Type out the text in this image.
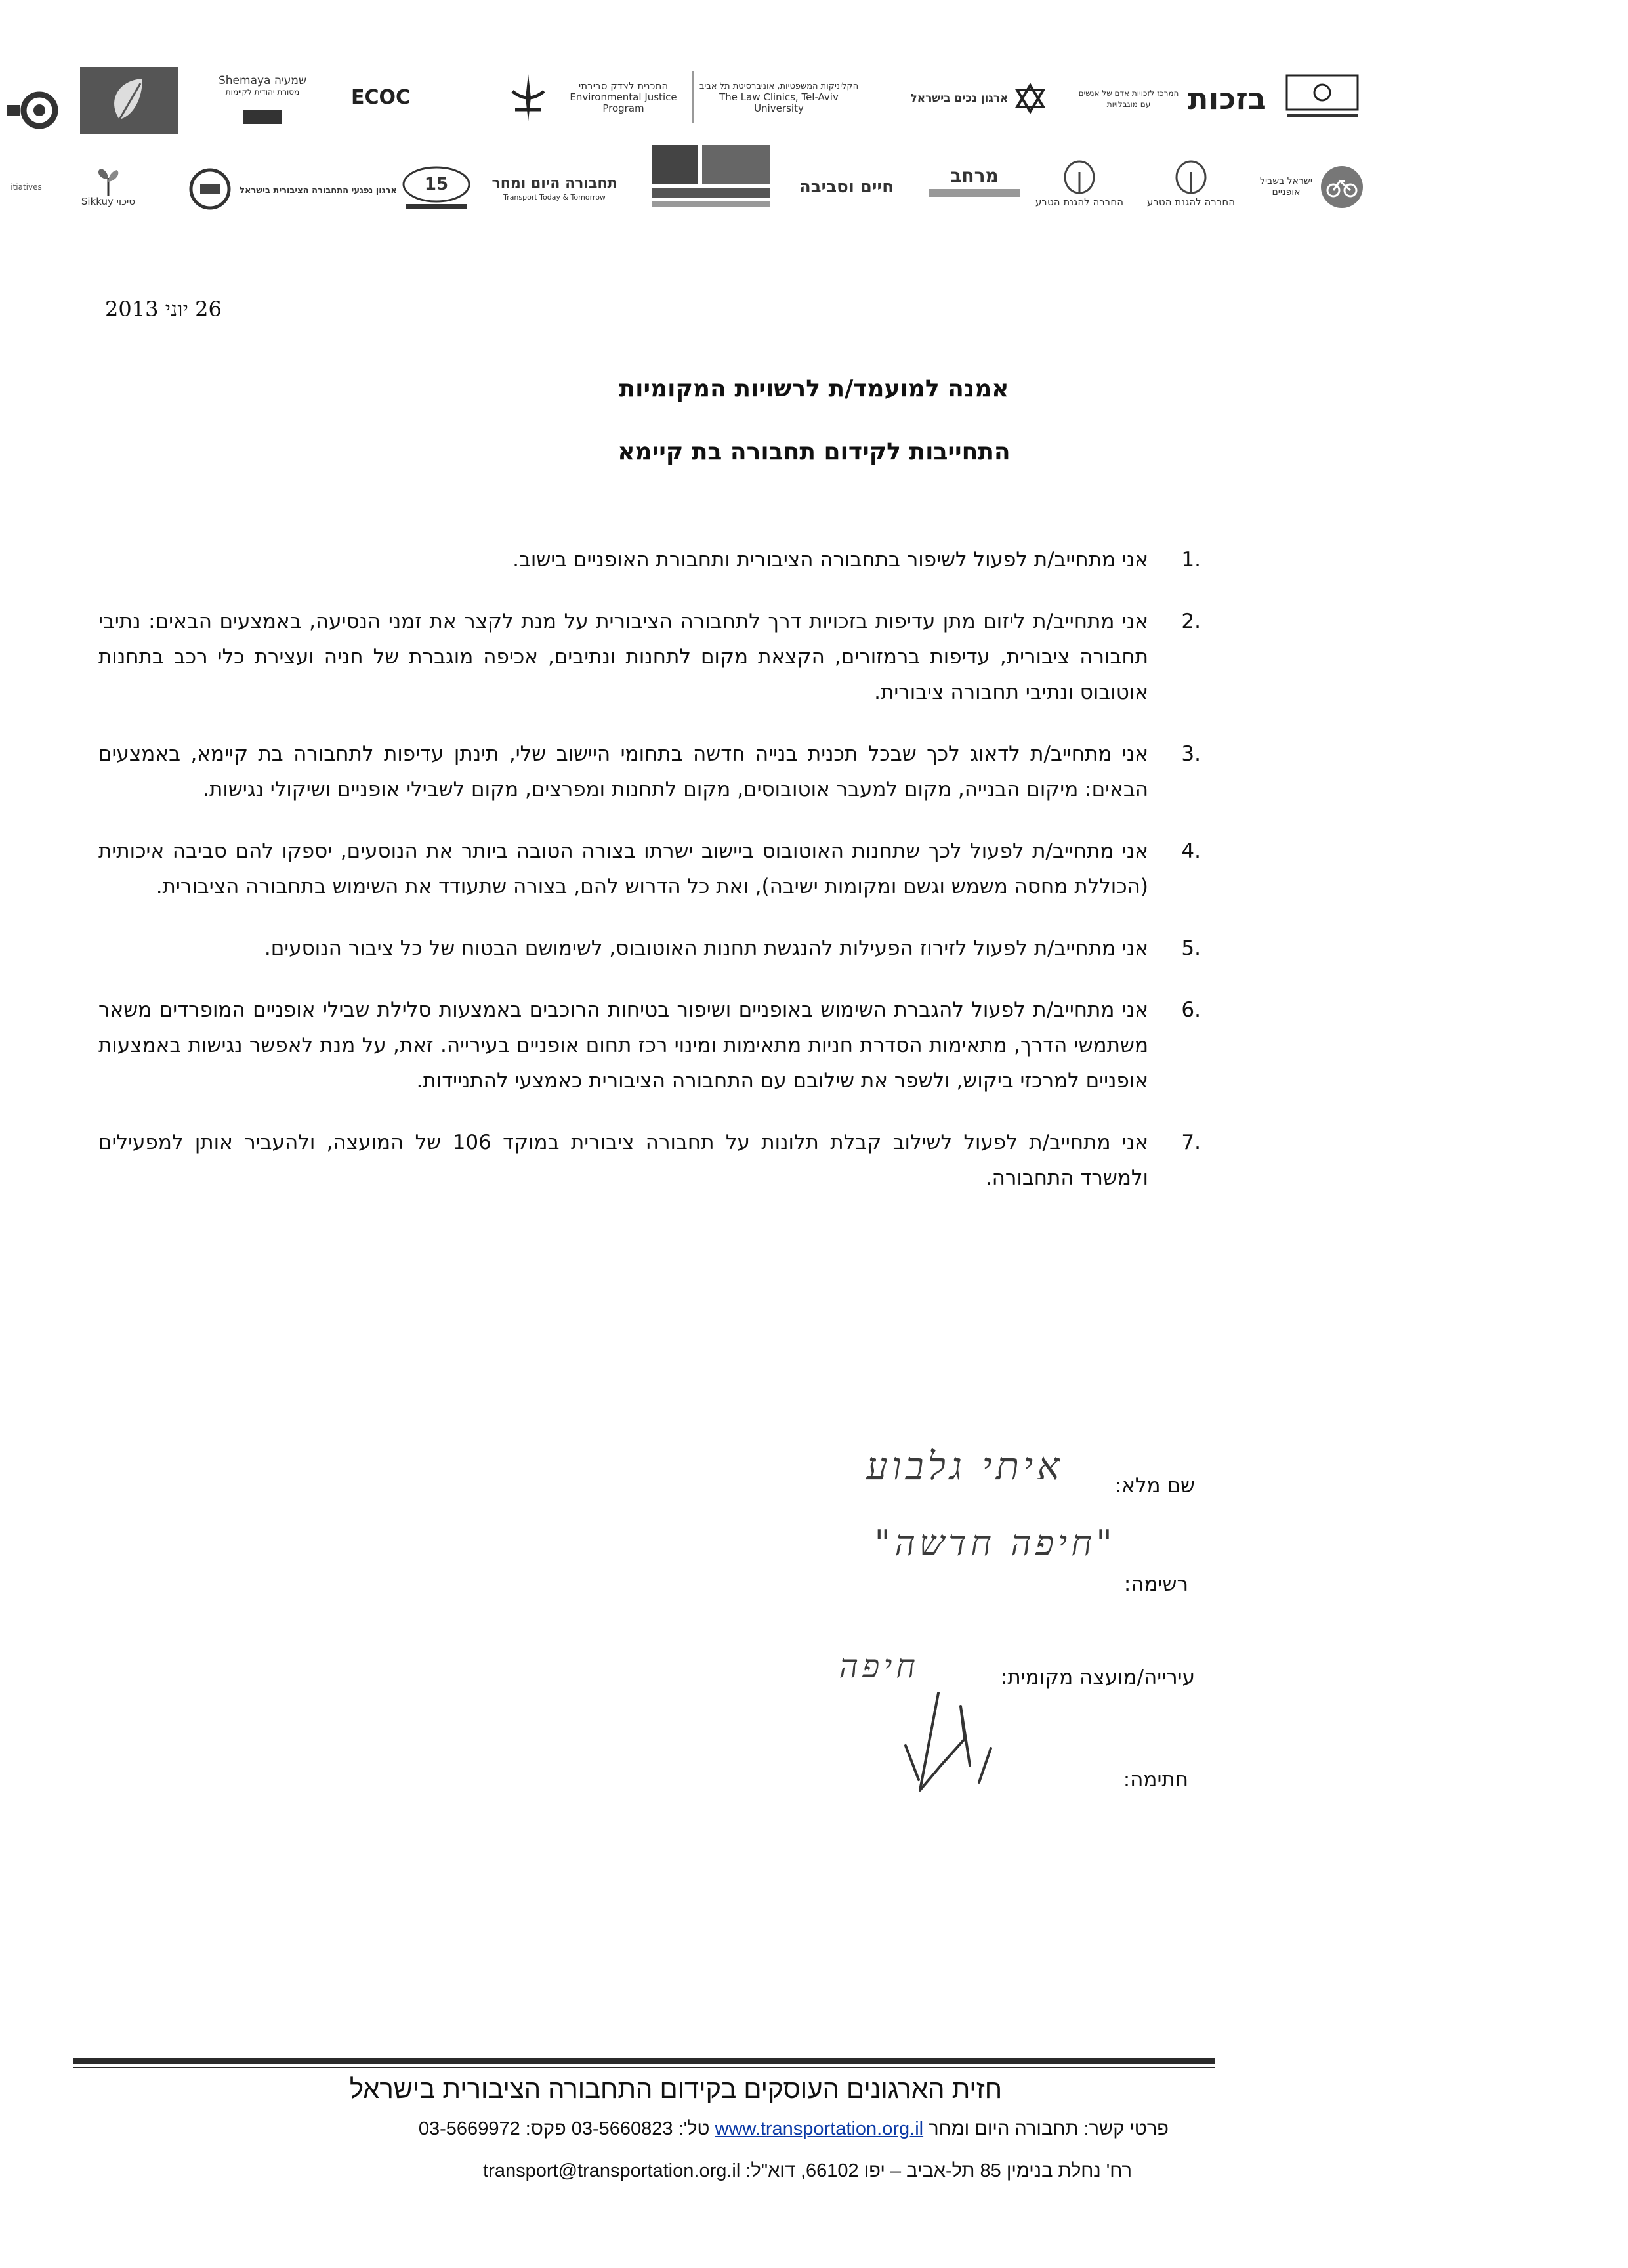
Shemaya שמעיה
מסורת יהודית לקיימות	ECOC
התכנית לצדק סביבתי
Environmental Justice Program
הקליניקות המשפטיות, אוניברסיטת תל אביב
The Law Clinics, Tel-Aviv University
ארגון נכים בישראל	המרכז לזכויות אדם של אנשים עם מוגבלויות	בזכות
itiatives
Sikkuy סיכוי
ארגון נפגעי התחבורה הציבורית בישראל 15	תחבורה היום ומחר
Transport Today & Tomorrow	חיים וסביבה
מרחב
החברה להגנת הטבע החברה להגנת הטבע
ישראל בשביל אופניים
26 יוני 2013
אמנה למועמד/ת לרשויות המקומיות
התחייבות לקידום תחבורה בת קיימא
1.
אני מתחייב/ת לפעול לשיפור בתחבורה הציבורית ותחבורת האופניים בישוב.
2.
אני מתחייב/ת ליזום מתן עדיפות בזכויות דרך לתחבורה הציבורית על מנת לקצר את זמני הנסיעה, באמצעים הבאים: נתיבי תחבורה ציבורית, עדיפות ברמזורים, הקצאת מקום לתחנות ונתיבים, אכיפה מוגברת של חניה ועצירת כלי רכב בתחנות אוטובוס ונתיבי תחבורה ציבורית.
3.
אני מתחייב/ת לדאוג לכך שבכל תכנית בנייה חדשה בתחומי היישוב שלי, תינתן עדיפות לתחבורה בת קיימא, באמצעים הבאים: מיקום הבנייה, מקום למעבר אוטובוסים, מקום לתחנות ומפרצים, מקום לשבילי אופניים ושיקולי נגישות.
4.
אני מתחייב/ת לפעול לכך שתחנות האוטובוס ביישוב ישרתו בצורה הטובה ביותר את הנוסעים, יספקו להם סביבה איכותית (הכוללת מחסה משמש וגשם ומקומות ישיבה), ואת כל הדרוש להם, בצורה שתעודד את השימוש בתחבורה הציבורית.
5.
אני מתחייב/ת לפעול לזירוז הפעילות להנגשת תחנות האוטובוס, לשימושם הבטוח של כל ציבור הנוסעים.
6.
אני מתחייב/ת לפעול להגברת השימוש באופניים ושיפור בטיחות הרוכבים באמצעות סלילת שבילי אופניים המופרדים משאר משתמשי הדרך, מתאימות הסדרת חניות מתאימות ומינוי רכז תחום אופניים בעירייה. זאת, על מנת לאפשר נגישות באמצעות אופניים למרכזי ביקוש, ולשפר את שילובם עם התחבורה הציבורית כאמצעי להתניידות.
7.
אני מתחייב/ת לפעול לשילוב קבלת תלונות על תחבורה ציבורית במוקד 106 של המועצה, ולהעביר אותן למפעילים ולמשרד התחבורה.
שם מלא:
איתי גלבוע
רשימה:
"חיפה חדשה"
עירייה/מועצה מקומית:
חיפה
חתימה:
חזית הארגונים העוסקים בקידום התחבורה הציבורית בישראל
פרטי קשר: תחבורה היום ומחר www.transportation.org.il טל': 03-5660823 פקס: 03-5669972
רח' נחלת בנימין 85 תל-אביב – יפו 66102, דוא"ל: transport@transportation.org.il
